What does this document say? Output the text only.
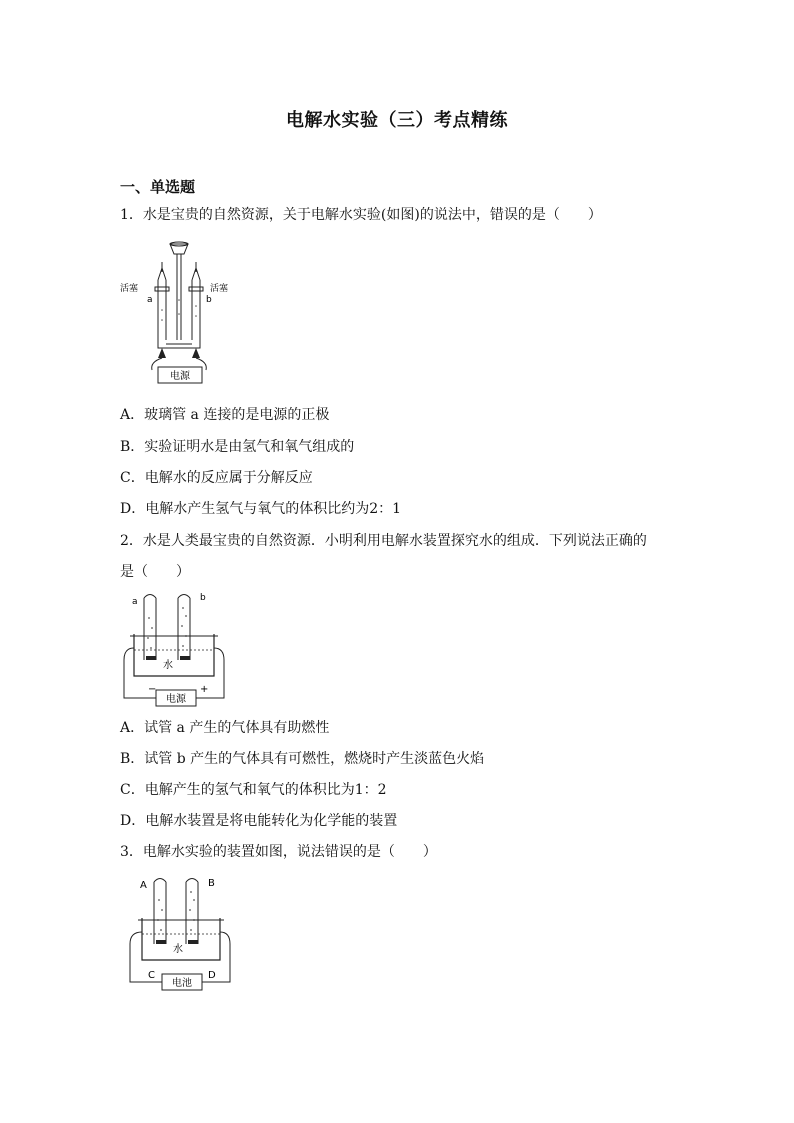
电解水实验（三）考点精练
一、单选题
1．水是宝贵的自然资源，关于电解水实验(如图)的说法中，错误的是（　　）
电源
活塞	活塞
a	b
A．玻璃管 a 连接的是电源的正极
B．实验证明水是由氢气和氧气组成的
C．电解水的反应属于分解反应
D．电解水产生氢气与氧气的体积比约为2：1
2．水是人类最宝贵的自然资源．小明利用电解水装置探究水的组成．下列说法正确的
是（　　）
水
电源
−	+
a	b
A．试管 a 产生的气体具有助燃性
B．试管 b 产生的气体具有可燃性，燃烧时产生淡蓝色火焰
C．电解产生的氢气和氧气的体积比为1：2
D．电解水装置是将电能转化为化学能的装置
3．电解水实验的装置如图，说法错误的是（　　）
水
电池
C	D
A	B
